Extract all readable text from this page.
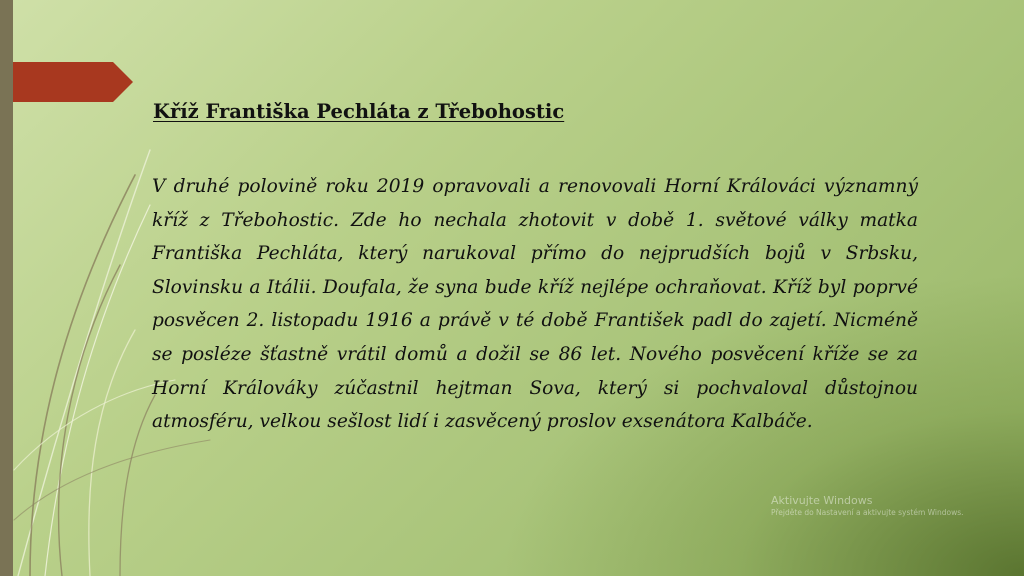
Kříž Františka Pechláta z Třebohostic

V druhé polovině roku 2019 opravovali a renovovali Horní Králováci významný kříž z Třebohostic. Zde ho nechala zhotovit v době 1. světové války matka Františka Pechláta, který narukoval přímo do nejprudších bojů v Srbsku, Slovinsku a Itálii. Doufala, že syna bude kříž nejlépe ochraňovat. Kříž byl poprvé posvěcen 2. listopadu 1916 a právě v té době František padl do zajetí. Nicméně se posléze šťastně vrátil domů a dožil se 86 let. Nového posvěcení kříže se za Horní Králováky zúčastnil hejtman Sova, který si pochvaloval důstojnou atmosféru, velkou sešlost lidí i zasvěcený proslov exsenátora Kalbáče.

Aktivujte Windows
Přejděte do Nastavení a aktivujte systém Windows.
